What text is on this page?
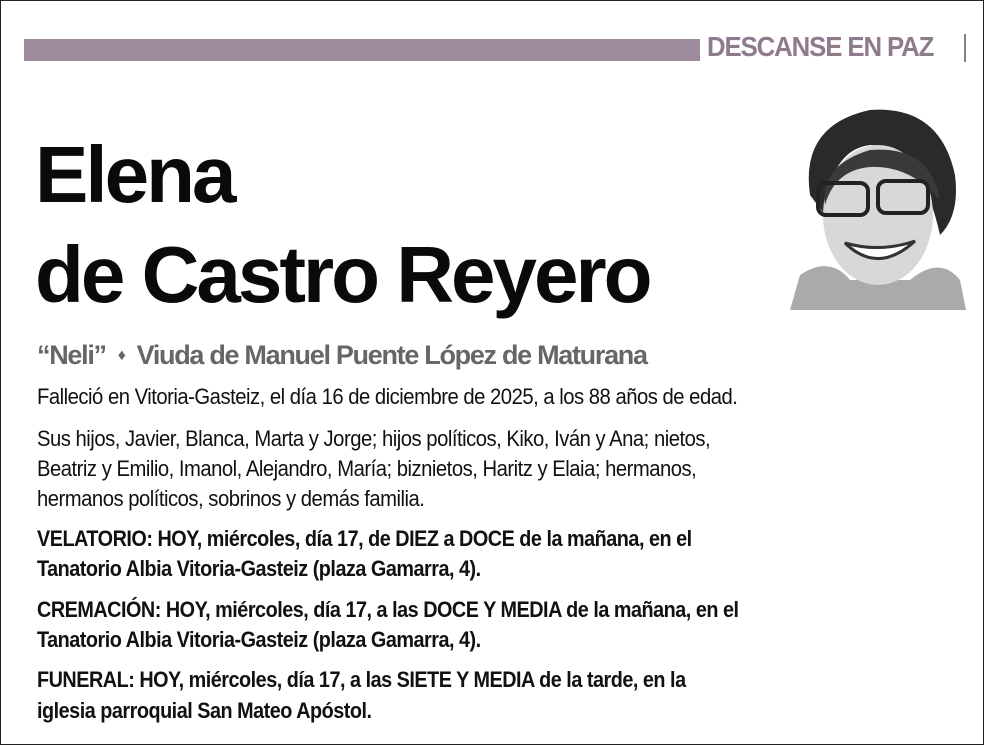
DESCANSE EN PAZ
Elena
de Castro Reyero
“Neli” ♦ Viuda de Manuel Puente López de Maturana
Falleció en Vitoria-Gasteiz, el día 16 de diciembre de 2025, a los 88 años de edad.
Sus hijos, Javier, Blanca, Marta y Jorge; hijos políticos, Kiko, Iván y Ana; nietos,
Beatriz y Emilio, Imanol, Alejandro, María; biznietos, Haritz y Elaia; hermanos,
hermanos políticos, sobrinos y demás familia.
VELATORIO: HOY, miércoles, día 17, de DIEZ a DOCE de la mañana, en el
Tanatorio Albia Vitoria-Gasteiz (plaza Gamarra, 4).
CREMACIÓN: HOY, miércoles, día 17, a las DOCE Y MEDIA de la mañana, en el
Tanatorio Albia Vitoria-Gasteiz (plaza Gamarra, 4).
FUNERAL: HOY, miércoles, día 17, a las SIETE Y MEDIA de la tarde, en la
iglesia parroquial San Mateo Apóstol.
